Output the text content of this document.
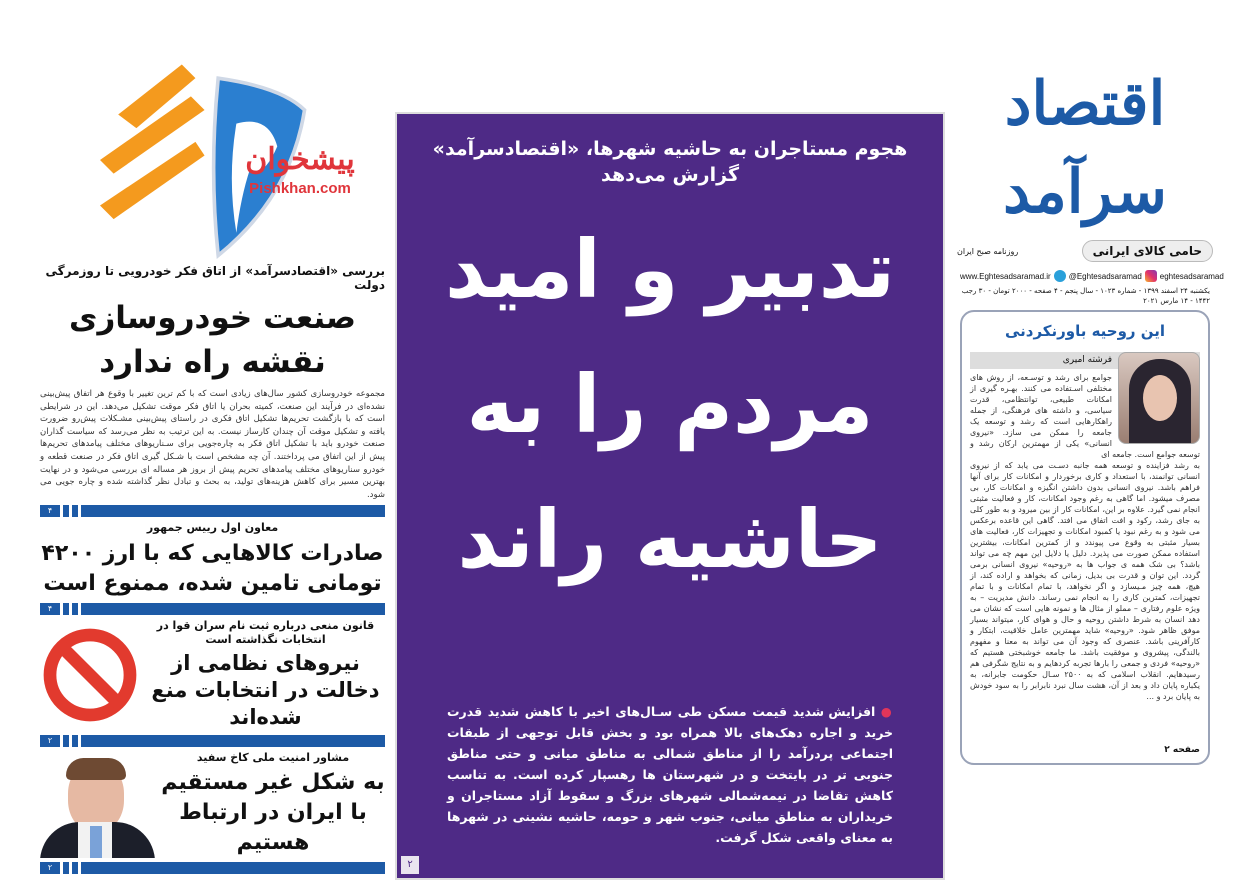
پیشخوان
Pishkhan.com
بررسی «اقتصادسرآمد» از اتاق فکر خودرویی تا روزمرگی دولت
صنعت خودروسازی
نقشه راه ندارد
مجموعه خودروسازی کشور سال‌های زیادی است که با کم ترین تغییر با وقوع هر اتفاق پیش‌بینی نشده‌ای در فرآیند این صنعت، کمیته بحران یا اتاق فکر موقت تشکیل می‌دهد. این در شرایطی است که با بازگشت تحریم‌ها تشکیل اتاق فکری در راستای پیش‌بینی مشـکلات پیش‌رو ضرورت یافته و تشکیل موقت آن چندان کارساز نیست. به این ترتیب به نظر می‌رسد که سیاست گذاران صنعت خودرو باید با تشکیل اتاق فکر به چاره‌جویی برای سـناریوهای مختلف پیامدهای تحریم‌ها پیش از این اتفاق می پرداختند. آن چه مشخص است با شـکل گیری اتاق فکر در صنعت قطعه و خودرو سناریوهای مختلف پیامدهای تحریم پیش از بروز هر مساله ای بررسی می‌شود و در نهایت بهترین مسیر برای کاهش هزینه‌های تولید، به بحث و تبادل نظر گذاشته شده و چاره جویی می شود.
۴
معاون اول رییس جمهور
صادرات کالاهایی که با ارز ۴۲۰۰ تومانی تامین شده، ممنوع است
۴
قانون منعی درباره ثبت نام سران قوا در انتخابات نگذاشته است
نیروهای نظامی از دخالت در انتخابات منع شده‌اند
۲
مشاور امنیت ملی کاخ سفید
به شکل غیر مستقیم با ایران در ارتباط هستیم
۲
هجوم مستاجران به حاشیه شهرها، «اقتصادسرآمد» گزارش می‌دهد
تدبیر و امید
مردم را به
حاشیه راند
● افزایش شدید قیمت مسکن طی سـال‌های اخیر با کاهش شدید قدرت خرید و اجاره دهک‌های بالا همراه بود و بخش قابل توجهی از طبقات اجتماعی پردرآمد را از مناطق شمالی به مناطق میانی و حتی مناطق جنوبی تر در پایتخت و در شهرستان ها رهسپار کرده است. به تناسب کاهش تقاضا در نیمه‌شمالی شهرهای بزرگ و سقوط آزاد مستاجران و خریداران به مناطق میانی، جنوب شهر و حومه، حاشیه نشینی در شهرها به معنای واقعی شکل گرفت.
۲
اقتصاد سرآمد
روزنامه صبح ایران	حامی کالای ایرانی
www.Eghtesadsaramad.ir @Eghtesadsaramad eghtesadsaramad
یکشنبه ۲۴ اسفند ۱۳۹۹ - شماره ۱۰۲۳ - سال پنجم - ۴ صفحه - ۲۰۰۰ تومان - ۳۰ رجب ۱۴۴۲ - ۱۴ مارس ۲۰۲۱
این روحیه باورنکردنی
فرشته امیری
جوامع برای رشد و توسـعه، از روش های مختلفی اسـتفاده می کنند. بهـره گیری از امکانات طبیعی، توانتظامی، قدرت سیاسی، و داشته های فرهنگی، از جمله راهکارهایی است که رشد و توسعه یک جامعه را ممکن می سازد. «نیروی انسانی» یکی از مهمترین ارکان رشد و توسعه جوامع است. جامعه ای
به رشد فزاینده و توسعه همه جانبه دسـت می یابد که از نیروی انسانی توانمند، با استعداد و کاری برخوردار و امکانات کار برای آنها فراهم باشد. نیروی انسانی بدون داشتن انگیزه و امکانات کار، بی مصرف میشود. اما گاهی به رغم وجود امکانات، کار و فعالیت مثبتی انجام نمی گیرد. علاوه بر این، امکانات کار از بین میرود و به طور کلی به جای رشد، رکود و افت اتفاق می افتد. گاهی این قاعده برعکس می شود و به رغم نبود یا کمبود امکانات و تجهیزات کار، فعالیت های بسیار مثبتی به وقوع می پیوندد و از کمترین امکانات، بیشترین استفاده ممکن صورت می پذیرد. دلیل یا دلایل این مهم چه می تواند باشد؟ بی شک همه ی جواب ها به «روحیه» نیروی انسانی برمی گردد. این توان و قدرت بی بدیل، زمانی که بخواهد و اراده کند، از هیچ، همه چیز مـیسازد و اگر نخواهد، با تمام امکانات و با تمام تجهیزات، کمترین کاری را به انجام نمی رساند. دانش مدیریت – به ویژه علوم رفتاری – مملو از مثال ها و نمونه هایی است که نشان می دهد انسان به شرط داشتن روحیه و حال و هوای کار، میتواند بسیار موفق ظاهر شود. «روحیه» شاید مهمترین عامل خلاقیت، ابتکار و کارآفرینی باشد. عنصری که وجود آن می تواند به معنا و مفهوم بالندگی، پیشروی و موفقیت باشد. ما جامعه خوشبختی هستیم که «روحیه» فردی و جمعی را بارها تجربه کردهایم و به نتایج شگرفی هم رسیدهایم. انقلاب اسلامی که به ۲۵۰۰ سـال حکومت جابرانه، به یکباره پایان داد و بعد از آن، هشت سال نبرد نابرابر را به سود خودش به پایان برد و ...
صفحه ۲
